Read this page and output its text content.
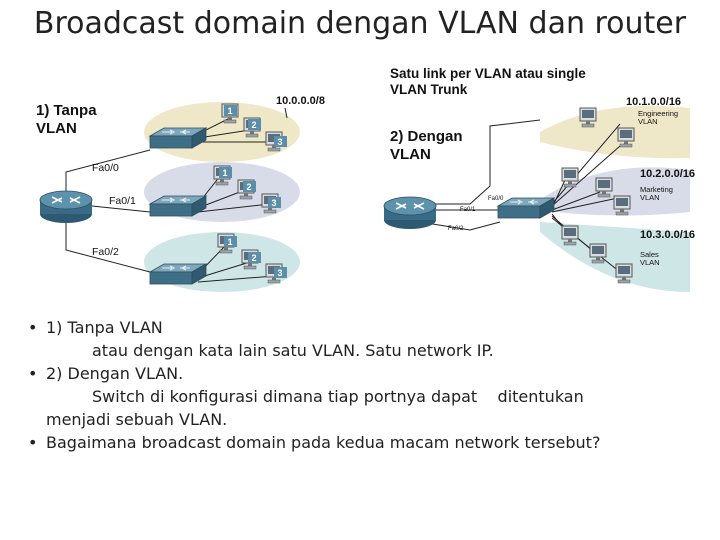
Broadcast domain dengan VLAN dan router
1) Tanpa
VLAN
10.0.0.0/8
Fa0/0
Fa0/1
Fa0/2
1
2
3
1
2
3
1
2
3
Satu link per VLAN atau single
VLAN Trunk
2) Dengan
VLAN
Fa0/0
Fa0/1
Fa0/2
10.1.0.0/16
Engineering
VLAN
10.2.0.0/16
Marketing
VLAN
10.3.0.0/16
Sales
VLAN
• 1) Tanpa VLAN
atau dengan kata lain satu VLAN. Satu network IP.
• 2) Dengan VLAN.
Switch di konfigurasi dimana tiap portnya dapat    ditentukan
menjadi sebuah VLAN.
• Bagaimana broadcast domain pada kedua macam network tersebut?
